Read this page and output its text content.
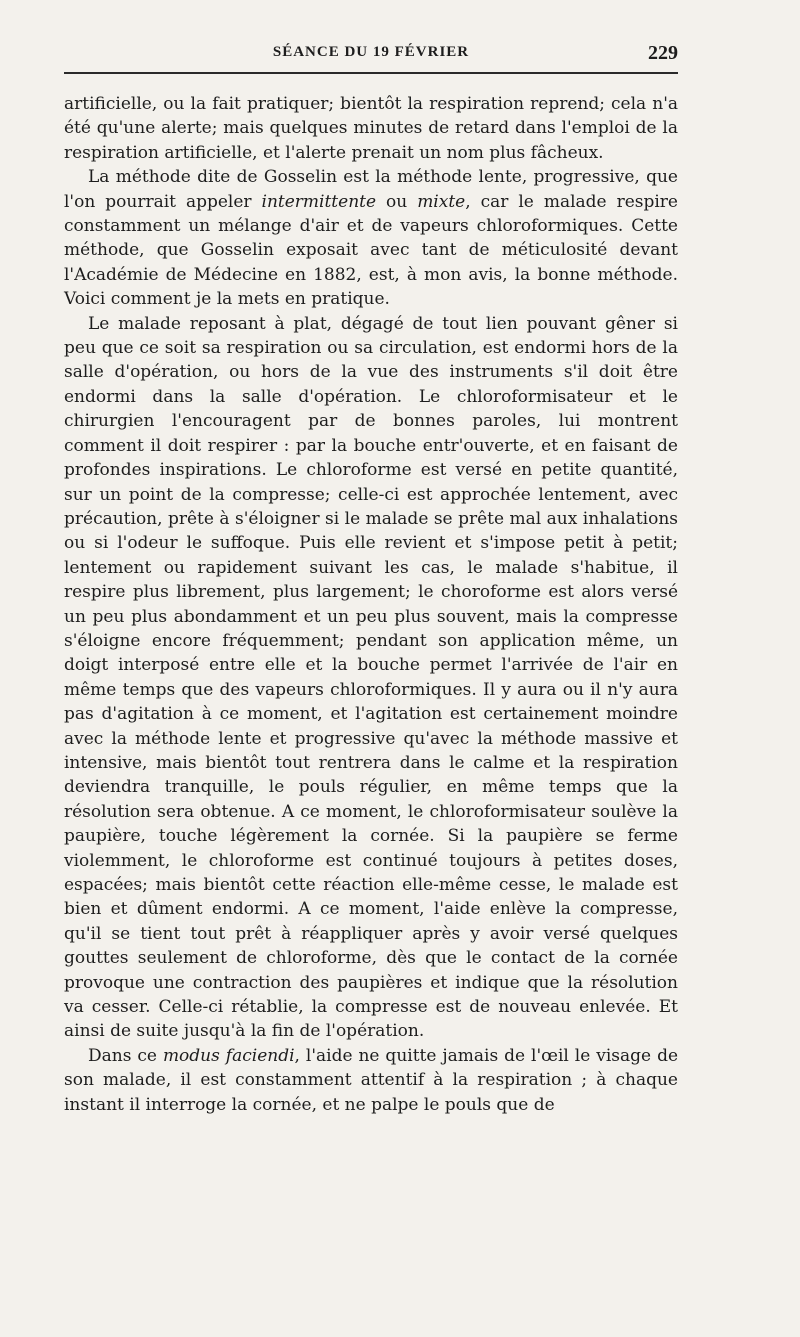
SÉANCE DU 19 FÉVRIER	229

artificielle, ou la fait pratiquer; bientôt la respiration reprend; cela n'a été qu'une alerte; mais quelques minutes de retard dans l'emploi de la respiration artificielle, et l'alerte prenait un nom plus fâcheux.

La méthode dite de Gosselin est la méthode lente, progressive, que l'on pourrait appeler intermittente ou mixte, car le malade respire constamment un mélange d'air et de vapeurs chloroformiques. Cette méthode, que Gosselin exposait avec tant de méticulosité devant l'Académie de Médecine en 1882, est, à mon avis, la bonne méthode. Voici comment je la mets en pratique.

Le malade reposant à plat, dégagé de tout lien pouvant gêner si peu que ce soit sa respiration ou sa circulation, est endormi hors de la salle d'opération, ou hors de la vue des instruments s'il doit être endormi dans la salle d'opération. Le chloroformisateur et le chirurgien l'encouragent par de bonnes paroles, lui montrent comment il doit respirer : par la bouche entr'ouverte, et en faisant de profondes inspirations. Le chloroforme est versé en petite quantité, sur un point de la compresse; celle-ci est approchée lentement, avec précaution, prête à s'éloigner si le malade se prête mal aux inhalations ou si l'odeur le suffoque. Puis elle revient et s'impose petit à petit; lentement ou rapidement suivant les cas, le malade s'habitue, il respire plus librement, plus largement; le choroforme est alors versé un peu plus abondamment et un peu plus souvent, mais la compresse s'éloigne encore fréquemment; pendant son application même, un doigt interposé entre elle et la bouche permet l'arrivée de l'air en même temps que des vapeurs chloroformiques. Il y aura ou il n'y aura pas d'agitation à ce moment, et l'agitation est certainement moindre avec la méthode lente et progressive qu'avec la méthode massive et intensive, mais bientôt tout rentrera dans le calme et la respiration deviendra tranquille, le pouls régulier, en même temps que la résolution sera obtenue. A ce moment, le chloroformisateur soulève la paupière, touche légèrement la cornée. Si la paupière se ferme violemment, le chloroforme est continué toujours à petites doses, espacées; mais bientôt cette réaction elle-même cesse, le malade est bien et dûment endormi. A ce moment, l'aide enlève la compresse, qu'il se tient tout prêt à réappliquer après y avoir versé quelques gouttes seulement de chloroforme, dès que le contact de la cornée provoque une contraction des paupières et indique que la résolution va cesser. Celle-ci rétablie, la compresse est de nouveau enlevée. Et ainsi de suite jusqu'à la fin de l'opération.

Dans ce modus faciendi, l'aide ne quitte jamais de l'œil le visage de son malade, il est constamment attentif à la respiration ; à chaque instant il interroge la cornée, et ne palpe le pouls que de
